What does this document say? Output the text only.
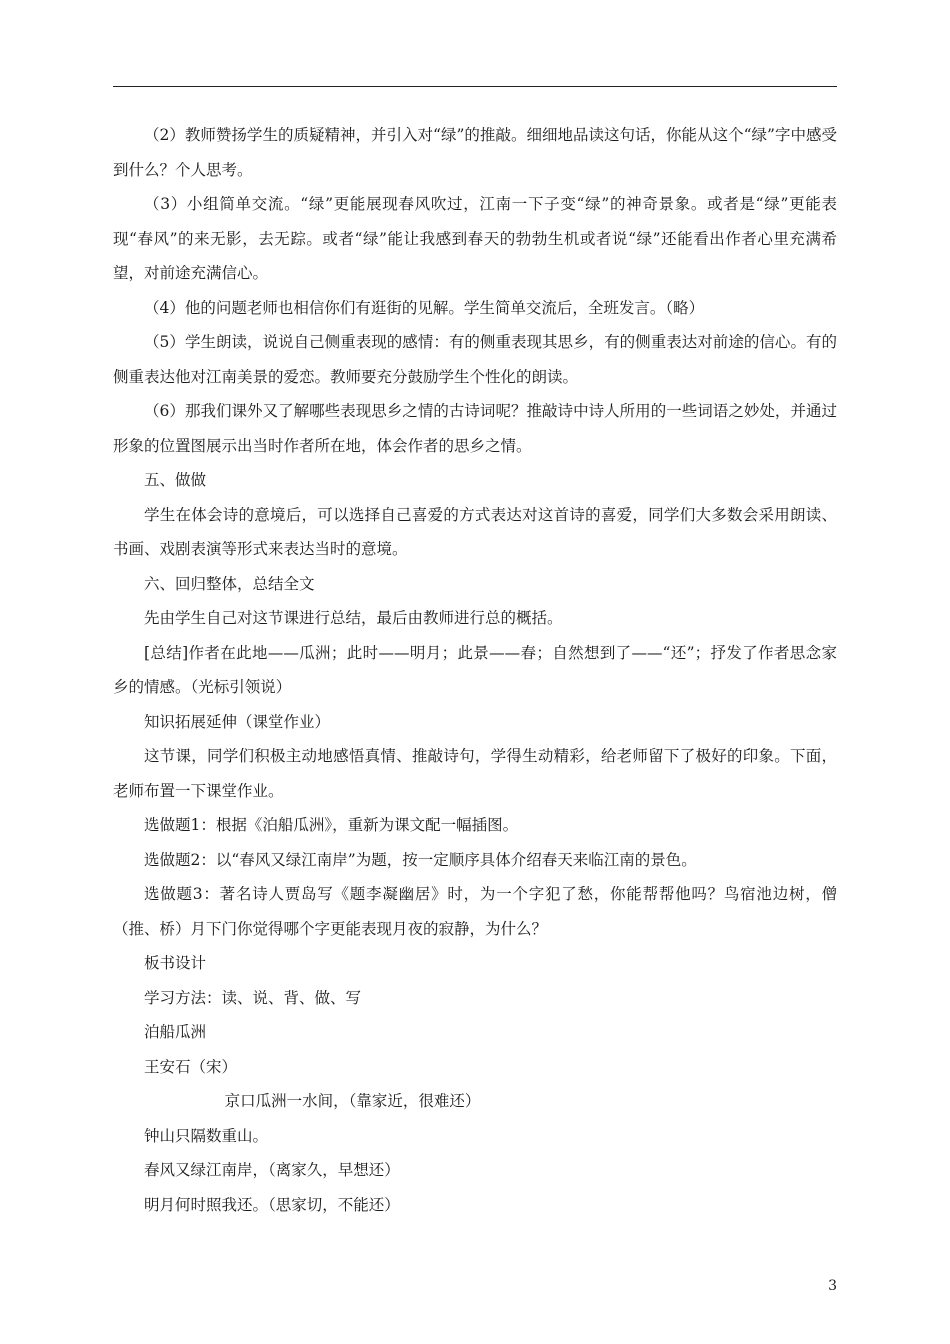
（2）教师赞扬学生的质疑精神，并引入对“绿”的推敲。细细地品读这句话，你能从这个“绿”字中感受到什么？个人思考。

（3）小组简单交流。“绿”更能展现春风吹过，江南一下子变“绿”的神奇景象。或者是“绿”更能表现“春风”的来无影，去无踪。或者“绿”能让我感到春天的勃勃生机或者说“绿”还能看出作者心里充满希望，对前途充满信心。

（4）他的问题老师也相信你们有逛街的见解。学生简单交流后，全班发言。（略）

（5）学生朗读，说说自己侧重表现的感情：有的侧重表现其思乡，有的侧重表达对前途的信心。有的侧重表达他对江南美景的爱恋。教师要充分鼓励学生个性化的朗读。

（6）那我们课外又了解哪些表现思乡之情的古诗词呢？推敲诗中诗人所用的一些词语之妙处，并通过形象的位置图展示出当时作者所在地，体会作者的思乡之情。

五、做做

学生在体会诗的意境后，可以选择自己喜爱的方式表达对这首诗的喜爱，同学们大多数会采用朗读、书画、戏剧表演等形式来表达当时的意境。

六、回归整体，总结全文

先由学生自己对这节课进行总结，最后由教师进行总的概括。

[总结]作者在此地——瓜洲；此时——明月；此景——春；自然想到了——“还”；抒发了作者思念家乡的情感。（光标引领说）

知识拓展延伸（课堂作业）

这节课，同学们积极主动地感悟真情、推敲诗句，学得生动精彩，给老师留下了极好的印象。下面，老师布置一下课堂作业。

选做题1：根据《泊船瓜洲》，重新为课文配一幅插图。

选做题2：以“春风又绿江南岸”为题，按一定顺序具体介绍春天来临江南的景色。

选做题3：著名诗人贾岛写《题李凝幽居》时，为一个字犯了愁，你能帮帮他吗？鸟宿池边树，僧（推、桥）月下门你觉得哪个字更能表现月夜的寂静，为什么？

板书设计

学习方法：读、说、背、做、写

泊船瓜洲

王安石（宋）

京口瓜洲一水间，（靠家近，很难还）

钟山只隔数重山。

春风又绿江南岸，（离家久，早想还）

明月何时照我还。（思家切，不能还）

3
